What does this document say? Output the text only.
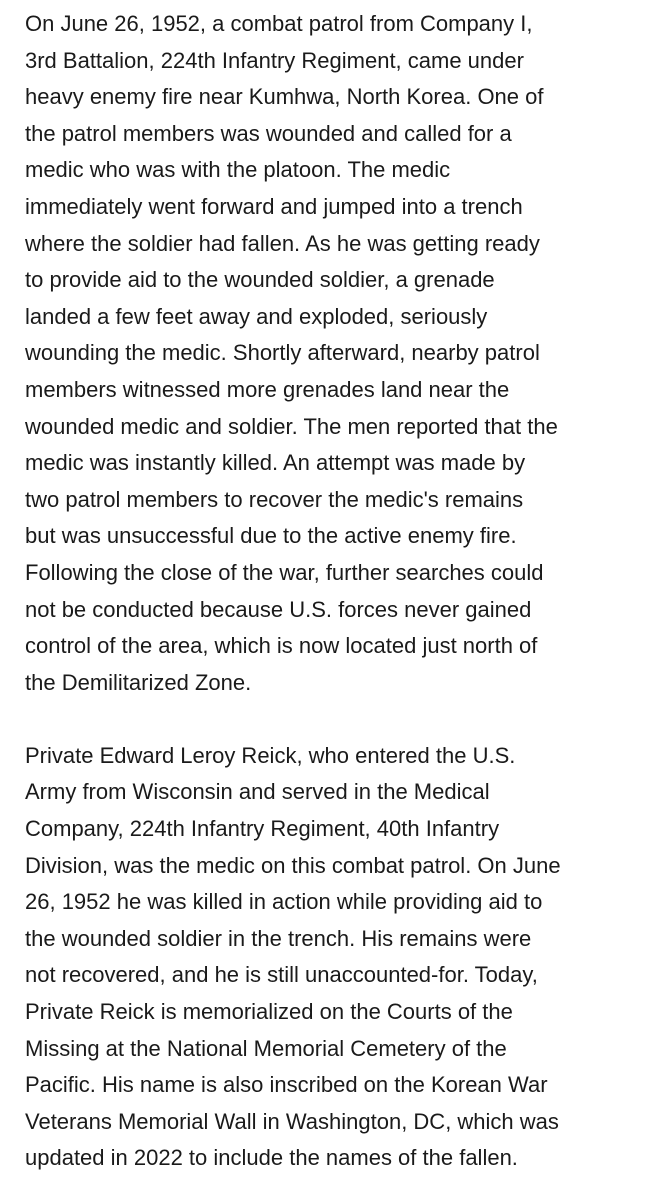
On June 26, 1952, a combat patrol from Company I,
3rd Battalion, 224th Infantry Regiment, came under
heavy enemy fire near Kumhwa, North Korea. One of
the patrol members was wounded and called for a
medic who was with the platoon. The medic
immediately went forward and jumped into a trench
where the soldier had fallen. As he was getting ready
to provide aid to the wounded soldier, a grenade
landed a few feet away and exploded, seriously
wounding the medic. Shortly afterward, nearby patrol
members witnessed more grenades land near the
wounded medic and soldier. The men reported that the
medic was instantly killed. An attempt was made by
two patrol members to recover the medic's remains
but was unsuccessful due to the active enemy fire.
Following the close of the war, further searches could
not be conducted because U.S. forces never gained
control of the area, which is now located just north of
the Demilitarized Zone.

Private Edward Leroy Reick, who entered the U.S.
Army from Wisconsin and served in the Medical
Company, 224th Infantry Regiment, 40th Infantry
Division, was the medic on this combat patrol. On June
26, 1952 he was killed in action while providing aid to
the wounded soldier in the trench. His remains were
not recovered, and he is still unaccounted-for. Today,
Private Reick is memorialized on the Courts of the
Missing at the National Memorial Cemetery of the
Pacific. His name is also inscribed on the Korean War
Veterans Memorial Wall in Washington, DC, which was
updated in 2022 to include the names of the fallen.
